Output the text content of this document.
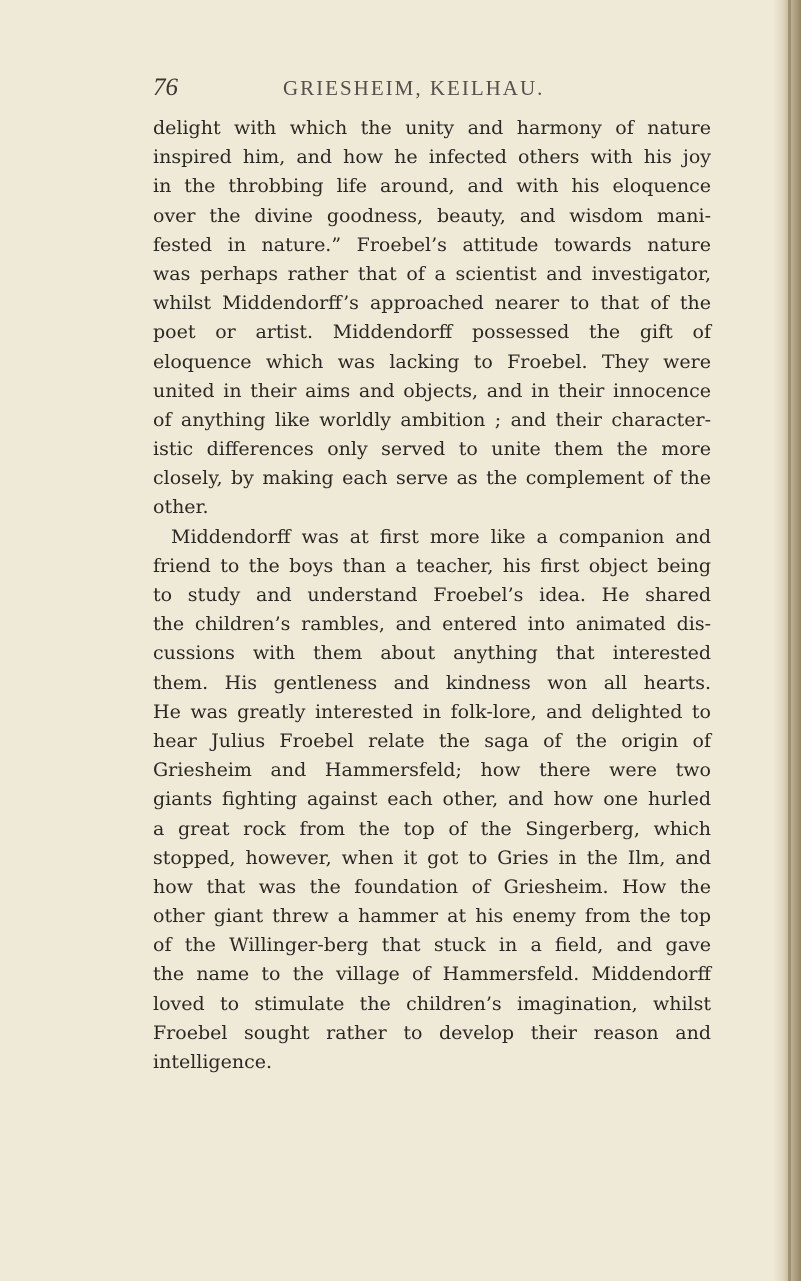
76	GRIESHEIM, KEILHAU.
delight with which the unity and harmony of nature
inspired him, and how he infected others with his joy
in the throbbing life around, and with his eloquence
over the divine goodness, beauty, and wisdom mani-
fested in nature.” Froebel’s attitude towards nature
was perhaps rather that of a scientist and investigator,
whilst Middendorff’s approached nearer to that of the
poet or artist. Middendorff possessed the gift of
eloquence which was lacking to Froebel. They were
united in their aims and objects, and in their innocence
of anything like worldly ambition ; and their character-
istic differences only served to unite them the more
closely, by making each serve as the complement of the
other.
Middendorff was at first more like a companion and
friend to the boys than a teacher, his first object being
to study and understand Froebel’s idea. He shared
the children’s rambles, and entered into animated dis-
cussions with them about anything that interested
them. His gentleness and kindness won all hearts.
He was greatly interested in folk-lore, and delighted to
hear Julius Froebel relate the saga of the origin of
Griesheim and Hammersfeld; how there were two
giants fighting against each other, and how one hurled
a great rock from the top of the Singerberg, which
stopped, however, when it got to Gries in the Ilm, and
how that was the foundation of Griesheim. How the
other giant threw a hammer at his enemy from the top
of the Willinger-berg that stuck in a field, and gave
the name to the village of Hammersfeld. Middendorff
loved to stimulate the children’s imagination, whilst
Froebel sought rather to develop their reason and
intelligence.
